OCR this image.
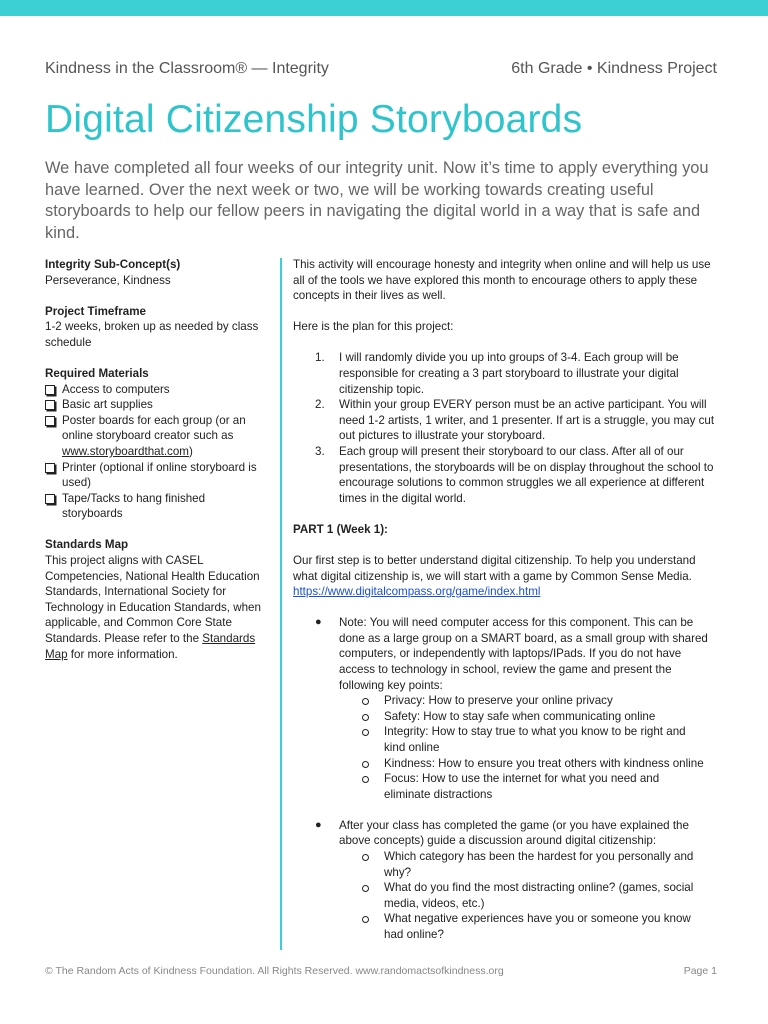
Kindness in the Classroom® — Integrity	6th Grade • Kindness Project
Digital Citizenship Storyboards

We have completed all four weeks of our integrity unit. Now it’s time to apply everything you have learned. Over the next week or two, we will be working towards creating useful storyboards to help our fellow peers in navigating the digital world in a way that is safe and kind.

Integrity Sub-Concept(s)
Perseverance, Kindness
Project Timeframe
1-2 weeks, broken up as needed by class schedule
Required Materials
Access to computers
Basic art supplies
Poster boards for each group (or an online storyboard creator such as www.storyboardthat.com)
Printer (optional if online storyboard is used)
Tape/Tacks to hang finished storyboards
Standards Map
This project aligns with CASEL Competencies, National Health Education Standards, International Society for Technology in Education Standards, when applicable, and Common Core State Standards. Please refer to the Standards Map for more information.

This activity will encourage honesty and integrity when online and will help us use all of the tools we have explored this month to encourage others to apply these concepts in their lives as well.

Here is the plan for this project:

1. I will randomly divide you up into groups of 3-4. Each group will be responsible for creating a 3 part storyboard to illustrate your digital citizenship topic.
2. Within your group EVERY person must be an active participant. You will need 1-2 artists, 1 writer, and 1 presenter. If art is a struggle, you may cut out pictures to illustrate your storyboard.
3. Each group will present their storyboard to our class. After all of our presentations, the storyboards will be on display throughout the school to encourage solutions to common struggles we all experience at different times in the digital world.

PART 1 (Week 1):

Our first step is to better understand digital citizenship. To help you understand what digital citizenship is, we will start with a game by Common Sense Media. https://www.digitalcompass.org/game/index.html

● Note: You will need computer access for this component. This can be done as a large group on a SMART board, as a small group with shared computers, or independently with laptops/IPads. If you do not have access to technology in school, review the game and present the following key points:
Privacy: How to preserve your online privacy
Safety: How to stay safe when communicating online
Integrity: How to stay true to what you know to be right and kind online
Kindness: How to ensure you treat others with kindness online
Focus: How to use the internet for what you need and eliminate distractions
● After your class has completed the game (or you have explained the above concepts) guide a discussion around digital citizenship:
Which category has been the hardest for you personally and why?
What do you find the most distracting online? (games, social media, videos, etc.)
What negative experiences have you or someone you know had online?
© The Random Acts of Kindness Foundation. All Rights Reserved. www.randomactsofkindness.org	Page 1
